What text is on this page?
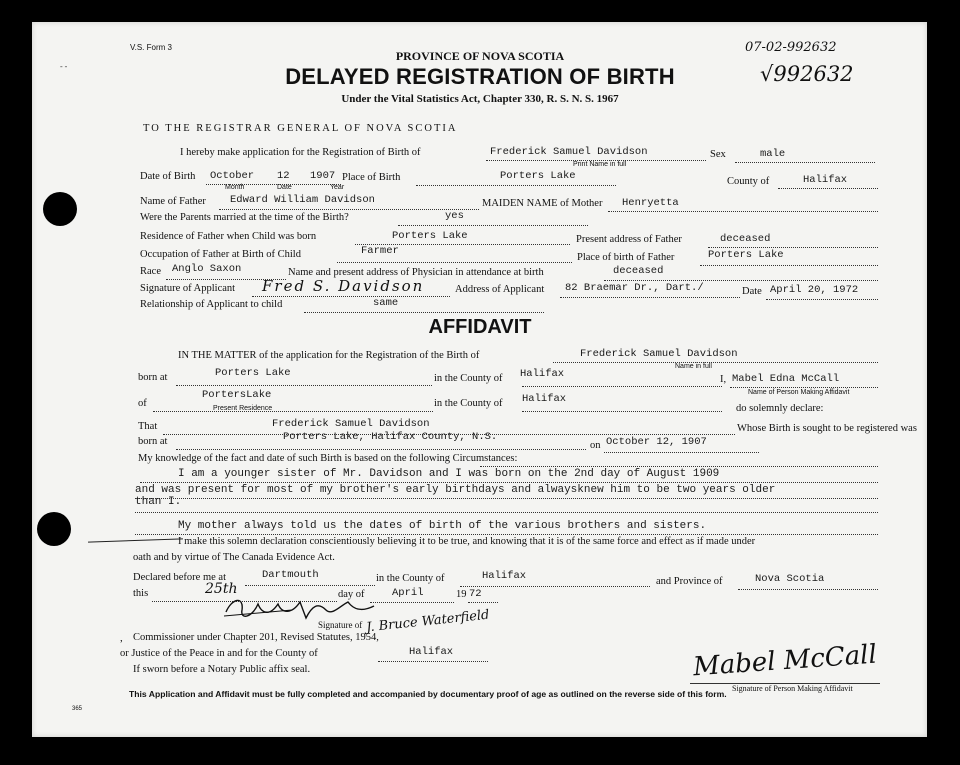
V.S. Form 3
PROVINCE OF NOVA SCOTIA
DELAYED REGISTRATION OF BIRTH
Under the Vital Statistics Act, Chapter 330, R. S. N. S. 1967
07-02-992632
√992632
TO THE REGISTRAR GENERAL OF NOVA SCOTIA
I hereby make application for the Registration of Birth of	Frederick Samuel Davidson
Print Name in full
Sex	male
Date of Birth October 12 1907
Month	Date	Year
Place of Birth	Porters Lake	County of	Halifax
Name of Father Edward William Davidson	MAIDEN NAME of Mother Henryetta
Were the Parents married at the time of the Birth?	yes
Residence of Father when Child was born	Porters Lake	Present address of Father	deceased
Occupation of Father at Birth of Child	Farmer
Place of birth of Father	Porters Lake
Race Anglo Saxon	Name and present address of Physician in attendance at birth	deceased
Signature of Applicant Fred S. Davidson	Address of Applicant 82 Braemar Dr., Dart./	Date April 20, 1972
Relationship of Applicant to child	same
AFFIDAVIT
IN THE MATTER of the application for the Registration of the Birth of	Frederick Samuel Davidson
Name in full
born at	Porters Lake	in the County of Halifax	I, Mabel Edna McCall
Name of Person Making Affidavit
of
PortersLake
Present Residence	in the County of Halifax
do solemnly declare:
That	Frederick Samuel Davidson	Whose Birth is sought to be registered was
born at	Porters Lake, Halifax County, N.S.
on October 12, 1907
My knowledge of the fact and date of such Birth is based on the following Circumstances:
I am a younger sister of Mr. Davidson and I was born on the 2nd day of August 1909
and was present for most of my brother's early birthdays and alwaysknew him to be two years older
than I.
My mother always told us the dates of birth of the various brothers and sisters.
I make this solemn declaration conscientiously believing it to be true, and knowing that it is of the same force and effect as if made under
oath and by virtue of The Canada Evidence Act.
Declared before me at	Dartmouth	in the County of	Halifax	and Province of	Nova Scotia
this	25th	day of	April	19 72
Signature of J. Bruce Waterfield
, Commissioner under Chapter 201, Revised Statutes, 1954,
or Justice of the Peace in and for the County of	Halifax
If sworn before a Notary Public affix seal.	Mabel McCall
Signature of Person Making Affidavit
This Application and Affidavit must be fully completed and accompanied by documentary proof of age as outlined on the reverse side of this form.
365
- -
